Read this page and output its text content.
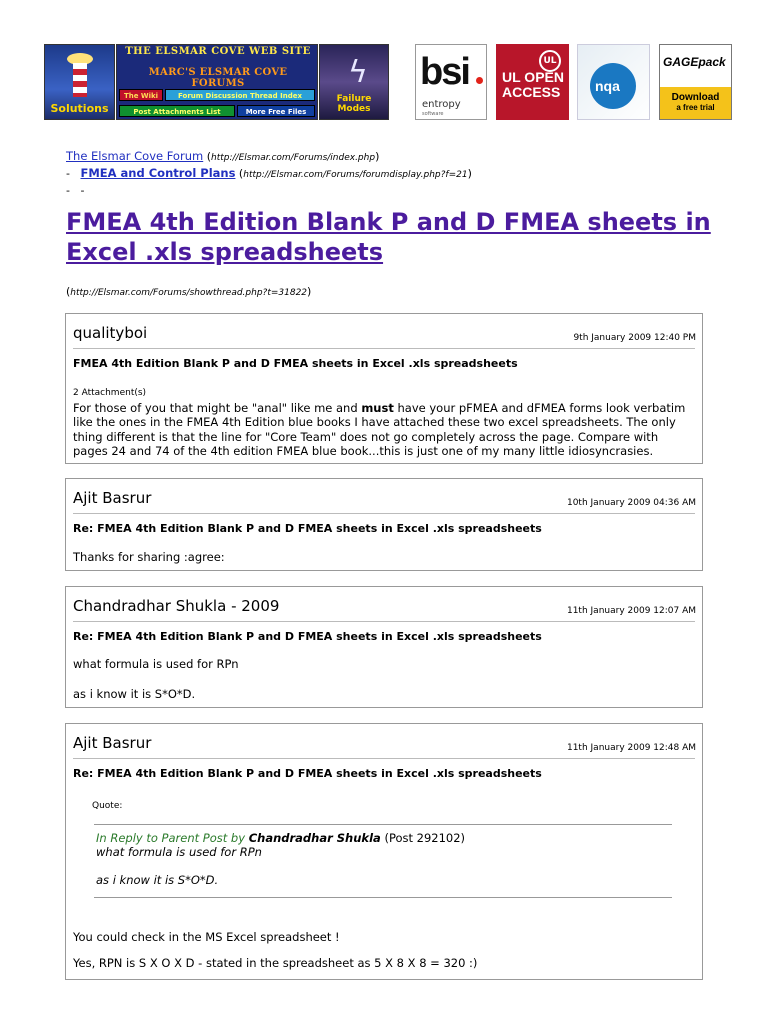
Solutions
THE ELSMAR COVE WEB SITE
MARC'S ELSMAR COVE FORUMS
The Wiki	Forum Discussion Thread Index
Post Attachments List	More Free Files
ϟ
Failure Modes
bsi
entropy
software
UL
UL OPEN ACCESS	nqa
GAGEpack
Download
a free trial
The Elsmar Cove Forum (http://Elsmar.com/Forums/index.php)
- FMEA and Control Plans (http://Elsmar.com/Forums/forumdisplay.php?f=21)
- -
FMEA 4th Edition Blank P and D FMEA sheets in Excel .xls spreadsheets
(http://Elsmar.com/Forums/showthread.php?t=31822)
qualityboi	9th January 2009 12:40 PM
FMEA 4th Edition Blank P and D FMEA sheets in Excel .xls spreadsheets
2 Attachment(s)

For those of you that might be "anal" like me and must have your pFMEA and dFMEA forms look verbatim like the ones in the FMEA 4th Edition blue books I have attached these two excel spreadsheets. The only thing different is that the line for "Core Team" does not go completely across the page. Compare with pages 24 and 74 of the 4th edition FMEA blue book...this is just one of my many little idiosyncrasies.

Ajit Basrur	10th January 2009 04:36 AM
Re: FMEA 4th Edition Blank P and D FMEA sheets in Excel .xls spreadsheets
Thanks for sharing :agree:
Chandradhar Shukla - 2009	11th January 2009 12:07 AM
Re: FMEA 4th Edition Blank P and D FMEA sheets in Excel .xls spreadsheets

what formula is used for RPn

as i know it is S*O*D.

Ajit Basrur	11th January 2009 12:48 AM
Re: FMEA 4th Edition Blank P and D FMEA sheets in Excel .xls spreadsheets
Quote:
In Reply to Parent Post by Chandradhar Shukla (Post 292102)
what formula is used for RPn
as i know it is S*O*D.

You could check in the MS Excel spreadsheet !

Yes, RPN is S X O X D - stated in the spreadsheet as 5 X 8 X 8 = 320 :)
